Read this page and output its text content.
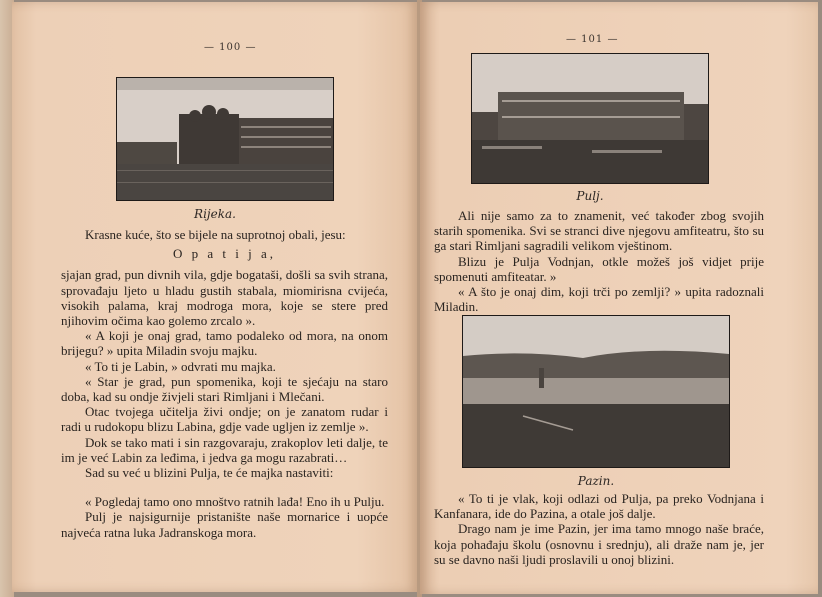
— 100 —
Rijeka.

Krasne kuće, što se bijele na suprotnoj obali, jesu:

O p a t i j a,

sjajan grad, pun divnih vila, gdje bogataši, došli sa svih strana, sprovađaju ljeto u hladu gustih stabala, miomirisna cvijeća, visokih palama, kraj modroga mora, koje se stere pred njihovim očima kao golemo zrcalo ».

« A koji je onaj grad, tamo podaleko od mora, na onom brijegu? » upita Miladin svoju majku.

« To ti je Labin, » odvrati mu majka.

« Star je grad, pun spomenika, koji te sjećaju na staro doba, kad su ondje živjeli stari Rimljani i Mlečani.

Otac tvojega učitelja živi ondje; on je zanatom rudar i radi u rudokopu blizu Labina, gdje vade ugljen iz zemlje ».

Dok se tako mati i sin razgovaraju, zrakoplov leti dalje, te im je već Labin za leđima, i jedva ga mogu razabrati…

Sad su već u blizini Pulja, te će majka nastaviti:

« Pogledaj tamo ono mnoštvo ratnih lađa! Eno ih u Pulju.

Pulj je najsigurnije pristanište naše mornarice i uopće najveća ratna luka Jadranskoga mora.

— 101 —
Pulj.

Ali nije samo za to znamenit, već također zbog svojih starih spomenika. Svi se stranci dive njegovu amfiteatru, što su ga stari Rimljani sagradili velikom vještinom.

Blizu je Pulja Vodnjan, otkle možeš još vidjet prije spomenuti amfiteatar. »

« A što je onaj dim, koji trči po zemlji? » upita radoznali Miladin.

Pazin.

« To ti je vlak, koji odlazi od Pulja, pa preko Vodnjana i Kanfanara, ide do Pazina, a otale još dalje.

Drago nam je ime Pazin, jer ima tamo mnogo naše braće, koja pohađaju školu (osnovnu i srednju), ali draže nam je, jer su se davno naši ljudi proslavili u onoj blizini.
